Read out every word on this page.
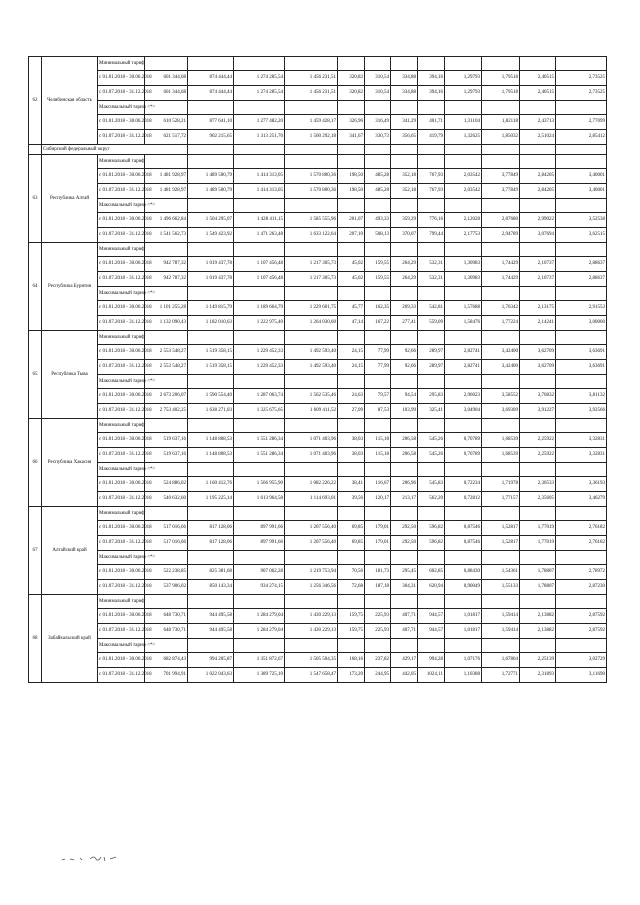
62	Челябинская область	Минимальный тариф												
		с 01.01.2018 - 30.06.2018	601 344,68	874 444,44	1 274 285,54	1 456 231,51	320,82	310,54	334,88	394,16	1,29793	1,79518	2,40515	2,73525
		с 01.07.2018 - 31.12.2018	601 344,68	874 444,44	1 274 285,54	1 456 231,51	320,82	310,54	334,88	394,16	1,29793	1,79518	2,40515	2,73525
		Максимальный тариф <*>												
		с 01.01.2018 - 30.06.2018	610 528,21	877 641,10	1 277 482,20	1 459 428,17	326,96	316,49	341,29	401,71	1,31104	1,82118	2,43713	2,77099
		с 01.07.2018 - 31.12.2018	621 517,72	902 215,65	1 313 251,70	1 500 292,18	341,67	330,73	356,65	419,79	1,32625	1,85032	2,51024	2,85412
	Сибирский федеральный округ													
63	Республика Алтай	Минимальный тариф												
		с 01.01.2018 - 30.06.2018	1 481 928,97	1 489 500,79	1 414 313,05	1 570 800,36	198,50	485,28	352,18	767,93	2,03542	3,77849	2,84205	3,40001
		с 01.07.2018 - 31.12.2018	1 481 928,97	1 489 500,79	1 414 313,05	1 570 800,36	198,50	485,28	352,18	767,93	2,03542	3,77849	2,84205	3,40001
		Максимальный тариф <*>												
		с 01.01.2018 - 30.06.2018	1 496 662,84	1 504 295,07	1 428 411,15	1 585 555,96	201,07	493,33	359,29	776,16	2,12028	2,87680	2,99022	3,52538
		с 01.07.2018 - 31.12.2018	1 541 562,73	1 549 423,92	1 471 263,48	1 633 122,64	207,10	508,13	370,07	799,44	2,17753	2,94789	3,07694	3,62515
64	Республика Бурятия	Минимальный тариф												
		с 01.01.2018 - 30.06.2018	942 787,32	1 019 437,78	1 107 456,48	1 217 305,73	45,02	159,55	264,29	532,31	1,30983	1,74429	2,10737	2,88637
		с 01.07.2018 - 31.12.2018	942 787,32	1 019 437,78	1 107 456,48	1 217 305,73	45,02	159,55	264,29	532,31	1,30983	1,74429	2,10737	2,88637
		Максимальный тариф <*>												
		с 01.01.2018 - 30.06.2018	1 101 255,28	1 149 815,79	1 189 664,79	1 229 601,75	45,77	162,35	269,33	542,81	1,57688	1,76342	2,13175	2,91553
		с 01.07.2018 - 31.12.2018	1 132 090,43	1 182 010,63	1 222 975,40	1 264 030,60	47,14	167,22	277,41	559,09	1,58476	1,77224	2,14241	3,00000
65	Республика Тыва	Минимальный тариф												
		с 01.01.2018 - 30.06.2018	2 553 548,27	1 519 358,15	1 229 452,33	1 492 593,40	24,15	77,99	92,66	289,97	2,82741	3,42400	3,62709	3,63691
		с 01.07.2018 - 31.12.2018	2 553 548,27	1 519 358,15	1 229 452,33	1 492 593,40	24,15	77,99	92,66	289,97	2,82741	3,42400	3,62709	3,63691
		Максимальный тариф <*>												
		с 01.01.2018 - 30.06.2018	2 673 206,07	1 590 554,40	1 287 063,74	1 562 535,46	24,63	79,57	94,54	295,83	2,96023	3,58552	3,70832	3,81132
		с 01.07.2018 - 31.12.2018	2 753 402,25	1 638 271,03	1 325 675,65	1 609 411,52	27,09	87,53	103,99	325,41	3,04904	3,69309	3,91227	3,92566
66	Республика Хакасия	Минимальный тариф												
		с 01.01.2018 - 30.06.2018	519 637,16	1 148 808,53	1 551 286,34	1 071 403,96	38,03	115,18	206,58	545,26	0,70789	1,68539	2,25922	3,32831
		с 01.07.2018 - 31.12.2018	519 637,16	1 148 808,53	1 551 286,34	1 071 403,96	38,03	115,18	206,58	545,26	0,70789	1,68539	2,25922	3,32831
		Максимальный тариф <*>												
		с 01.01.2018 - 30.06.2018	524 886,02	1 160 412,76	1 566 955,90	1 082 226,22	38,41	116,67	206,96	545,83	0,72234	1,71978	2,30533	3,36193
		с 01.07.2018 - 31.12.2018	540 632,60	1 195 225,14	1 613 964,58	1 114 693,01	39,56	120,17	213,17	562,20	0,72812	1,77157	2,35605	3,46279
67	Алтайский край	Минимальный тариф												
		с 01.01.2018 - 30.06.2018	517 016,66	817 128,06	897 991,66	1 207 556,40	69,85	179,01	292,50	596,82	0,87546	1,52817	1,77019	2,76182
		с 01.07.2018 - 31.12.2018	517 016,66	817 128,06	897 991,66	1 207 556,40	69,85	179,01	292,50	596,82	0,87546	1,52817	1,77019	2,76182
		Максимальный тариф <*>												
		с 01.01.2018 - 30.06.2018	522 238,85	825 381,68	907 062,28	1 219 753,94	70,56	181,73	295,45	602,85	0,88430	1,54361	1,78807	2,78972
		с 01.07.2018 - 31.12.2018	537 906,02	850 143,34	934 274,15	1 256 346,56	72,68	187,18	304,31	620,94	0,90049	1,55133	1,78807	2,87230
68	Забайкальский край	Минимальный тариф												
		с 01.01.2018 - 30.06.2018	648 730,71	944 495,58	1 284 279,04	1 430 229,13	159,75	225,93	407,71	944,57	1,01817	1,59414	2,13882	2,87592
		с 01.07.2018 - 31.12.2018	648 730,71	944 495,58	1 284 279,04	1 430 229,13	159,75	225,93	407,71	944,57	1,01817	1,59414	2,13882	2,87592
		Максимальный тариф <*>												
		с 01.01.2018 - 30.06.2018	682 874,43	994 205,87	1 351 872,67	1 505 504,35	168,16	237,82	429,17	994,28	1,07176	1,67804	2,25139	3,02729
		с 01.07.2018 - 31.12.2018	701 994,91	1 022 043,63	1 389 725,10	1 547 658,47	173,20	244,95	442,05	1024,11	1,10388	1,72771	2,31893	3,11690
